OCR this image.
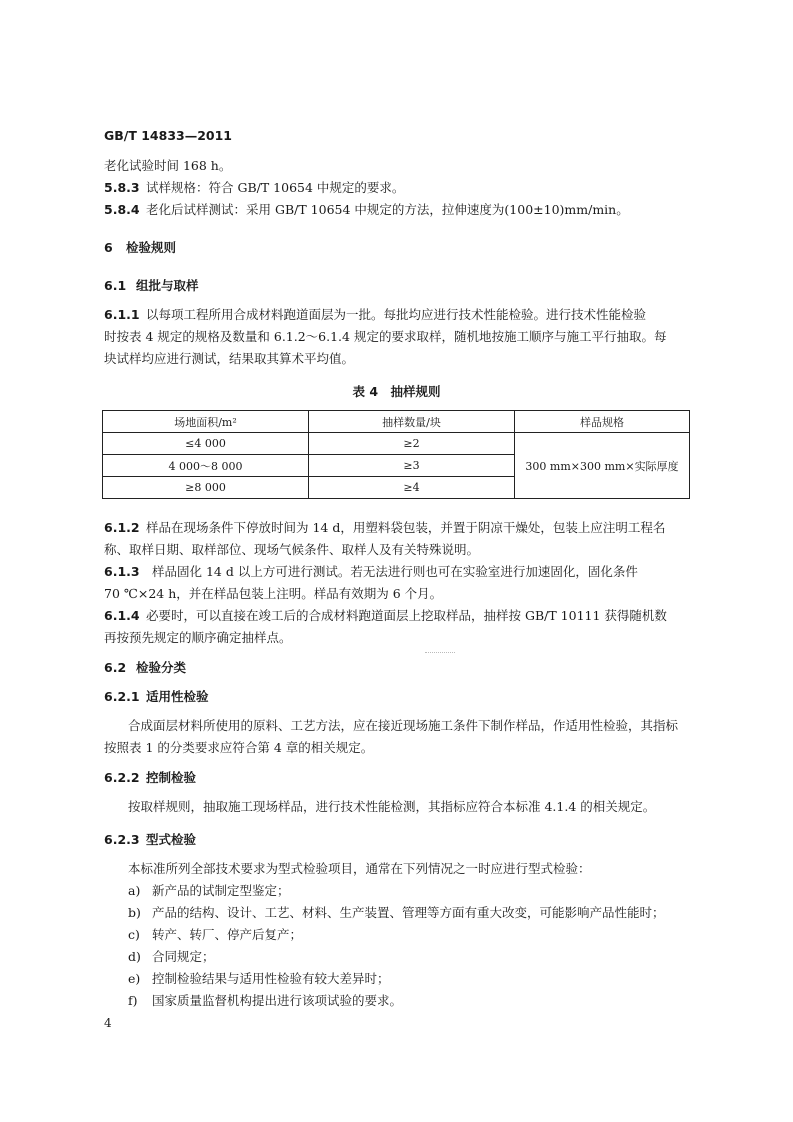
GB/T 14833—2011
老化试验时间 168 h。
5.8.3 试样规格：符合 GB/T 10654 中规定的要求。
5.8.4 老化后试样测试：采用 GB/T 10654 中规定的方法，拉伸速度为(100±10)mm/min。
6 检验规则
6.1 组批与取样
6.1.1 以每项工程所用合成材料跑道面层为一批。每批均应进行技术性能检验。进行技术性能检验
时按表 4 规定的规格及数量和 6.1.2～6.1.4 规定的要求取样，随机地按施工顺序与施工平行抽取。每
块试样均应进行测试，结果取其算术平均值。
表 4　抽样规则
场地面积/m²	抽样数量/块	样品规格
≤4 000	≥2	300 mm×300 mm×实际厚度
4 000～8 000	≥3	
≥8 000	≥4	
6.1.2 样品在现场条件下停放时间为 14 d，用塑料袋包装，并置于阴凉干燥处，包装上应注明工程名
称、取样日期、取样部位、现场气候条件、取样人及有关特殊说明。
6.1.3 样品固化 14 d 以上方可进行测试。若无法进行则也可在实验室进行加速固化，固化条件
70 ℃×24 h，并在样品包装上注明。样品有效期为 6 个月。
6.1.4 必要时，可以直接在竣工后的合成材料跑道面层上挖取样品，抽样按 GB/T 10111 获得随机数
再按预先规定的顺序确定抽样点。
6.2 检验分类
6.2.1 适用性检验
合成面层材料所使用的原料、工艺方法，应在接近现场施工条件下制作样品，作适用性检验，其指标
按照表 1 的分类要求应符合第 4 章的相关规定。
6.2.2 控制检验
按取样规则，抽取施工现场样品，进行技术性能检测，其指标应符合本标准 4.1.4 的相关规定。
6.2.3 型式检验
本标准所列全部技术要求为型式检验项目，通常在下列情况之一时应进行型式检验：
a) 新产品的试制定型鉴定；
b) 产品的结构、设计、工艺、材料、生产装置、管理等方面有重大改变，可能影响产品性能时；
c) 转产、转厂、停产后复产；
d) 合同规定；
e) 控制检验结果与适用性检验有较大差异时；
f) 国家质量监督机构提出进行该项试验的要求。
4
